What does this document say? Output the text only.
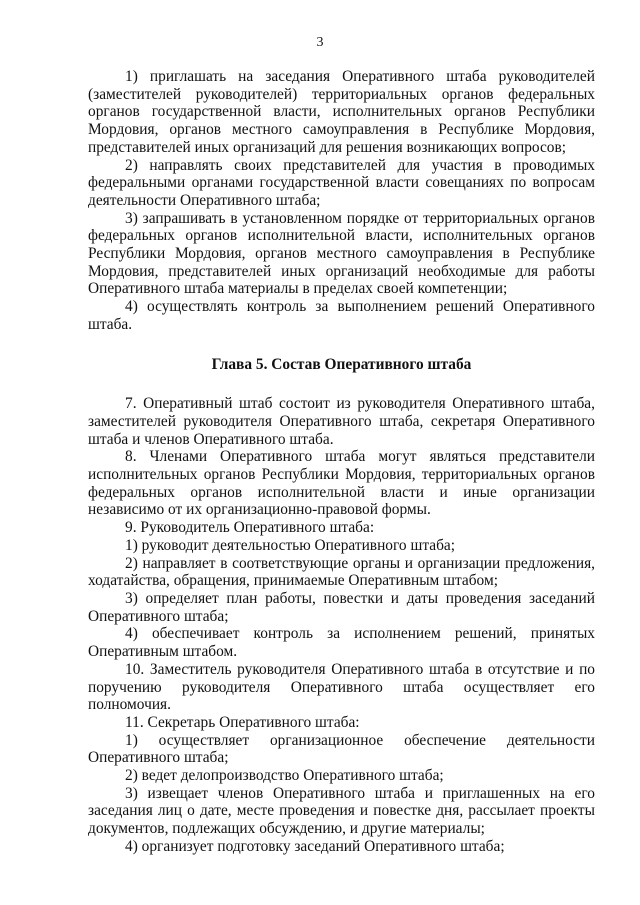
3

1) приглашать на заседания Оперативного штаба руководителей (заместителей руководителей) территориальных органов федеральных органов государственной власти, исполнительных органов Республики Мордовия, органов местного самоуправления в Республике Мордовия, представителей иных организаций для решения возникающих вопросов;

2) направлять своих представителей для участия в проводимых федеральными органами государственной власти совещаниях по вопросам деятельности Оперативного штаба;

3) запрашивать в установленном порядке от территориальных органов федеральных органов исполнительной власти, исполнительных органов Республики Мордовия, органов местного самоуправления в Республике Мордовия, представителей иных организаций необходимые для работы Оперативного штаба материалы в пределах своей компетенции;

4) осуществлять контроль за выполнением решений Оперативного штаба.

Глава 5. Состав Оперативного штаба

7. Оперативный штаб состоит из руководителя Оперативного штаба, заместителей руководителя Оперативного штаба, секретаря Оперативного штаба и членов Оперативного штаба.

8. Членами Оперативного штаба могут являться представители исполнительных органов Республики Мордовия, территориальных органов федеральных органов исполнительной власти и иные организации независимо от их организационно-правовой формы.

9. Руководитель Оперативного штаба:

1) руководит деятельностью Оперативного штаба;

2) направляет в соответствующие органы и организации предложения, ходатайства, обращения, принимаемые Оперативным штабом;

3) определяет план работы, повестки и даты проведения заседаний Оперативного штаба;

4) обеспечивает контроль за исполнением решений, принятых Оперативным штабом.

10. Заместитель руководителя Оперативного штаба в отсутствие и по поручению руководителя Оперативного штаба осуществляет его полномочия.

11. Секретарь Оперативного штаба:

1) осуществляет организационное обеспечение деятельности Оперативного штаба;

2) ведет делопроизводство Оперативного штаба;

3) извещает членов Оперативного штаба и приглашенных на его заседания лиц о дате, месте проведения и повестке дня, рассылает проекты документов, подлежащих обсуждению, и другие материалы;

4) организует подготовку заседаний Оперативного штаба;
